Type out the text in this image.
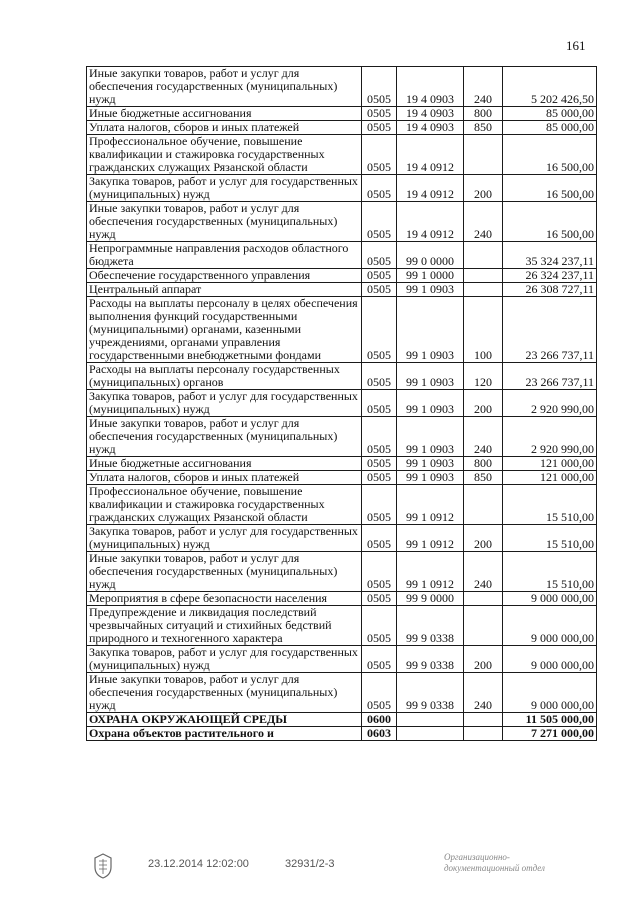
161
Иные закупки товаров, работ и услуг для обеспечения государственных (муниципальных) нужд	0505	19 4 0903	240	5 202 426,50
Иные бюджетные ассигнования	0505	19 4 0903	800	85 000,00
Уплата налогов, сборов и иных платежей	0505	19 4 0903	850	85 000,00
Профессиональное обучение, повышение квалификации и стажировка государственных гражданских служащих Рязанской области	0505	19 4 0912		16 500,00
Закупка товаров, работ и услуг для государственных (муниципальных) нужд	0505	19 4 0912	200	16 500,00
Иные закупки товаров, работ и услуг для обеспечения государственных (муниципальных) нужд	0505	19 4 0912	240	16 500,00
Непрограммные направления расходов областного бюджета	0505	99 0 0000		35 324 237,11
Обеспечение государственного управления	0505	99 1 0000		26 324 237,11
Центральный аппарат	0505	99 1 0903		26 308 727,11
Расходы на выплаты персоналу в целях обеспечения выполнения функций государственными (муниципальными) органами, казенными учреждениями, органами управления государственными внебюджетными фондами	0505	99 1 0903	100	23 266 737,11
Расходы на выплаты персоналу государственных (муниципальных) органов	0505	99 1 0903	120	23 266 737,11
Закупка товаров, работ и услуг для государственных (муниципальных) нужд	0505	99 1 0903	200	2 920 990,00
Иные закупки товаров, работ и услуг для обеспечения государственных (муниципальных) нужд	0505	99 1 0903	240	2 920 990,00
Иные бюджетные ассигнования	0505	99 1 0903	800	121 000,00
Уплата налогов, сборов и иных платежей	0505	99 1 0903	850	121 000,00
Профессиональное обучение, повышение квалификации и стажировка государственных гражданских служащих Рязанской области	0505	99 1 0912		15 510,00
Закупка товаров, работ и услуг для государственных (муниципальных) нужд	0505	99 1 0912	200	15 510,00
Иные закупки товаров, работ и услуг для обеспечения государственных (муниципальных) нужд	0505	99 1 0912	240	15 510,00
Мероприятия в сфере безопасности населения	0505	99 9 0000		9 000 000,00
Предупреждение и ликвидация последствий чрезвычайных ситуаций и стихийных бедствий природного и техногенного характера	0505	99 9 0338		9 000 000,00
Закупка товаров, работ и услуг для государственных (муниципальных) нужд	0505	99 9 0338	200	9 000 000,00
Иные закупки товаров, работ и услуг для обеспечения государственных (муниципальных) нужд	0505	99 9 0338	240	9 000 000,00
ОХРАНА ОКРУЖАЮЩЕЙ СРЕДЫ	0600			11 505 000,00
Охрана объектов растительного и	0603			7 271 000,00
23.12.2014 12:02:00	32931/2-3
Организационно-
документационный отдел
